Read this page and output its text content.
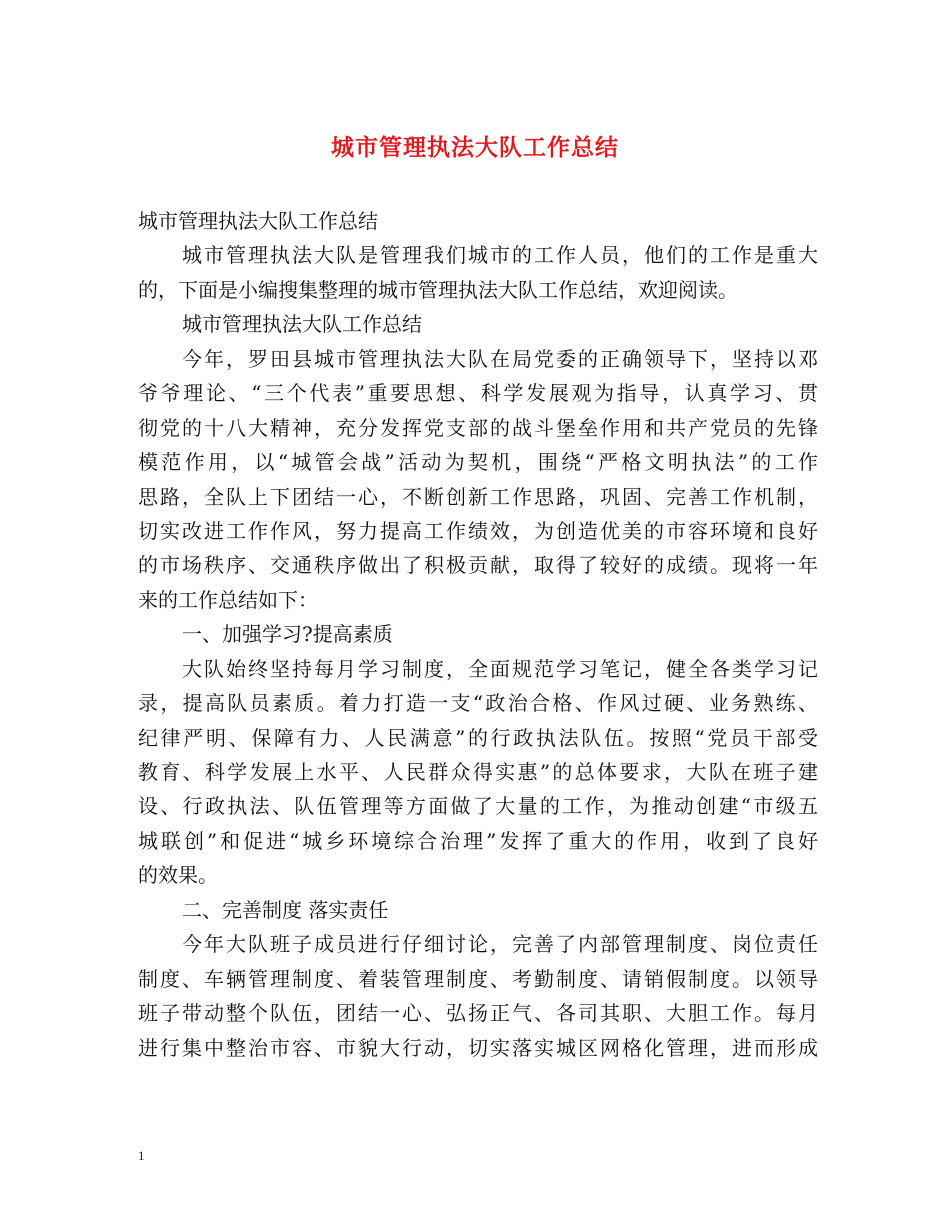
城市管理执法大队工作总结
城市管理执法大队工作总结
城市管理执法大队是管理我们城市的工作人员，他们的工作是重大
的，下面是小编搜集整理的城市管理执法大队工作总结，欢迎阅读。
城市管理执法大队工作总结
今年，罗田县城市管理执法大队在局党委的正确领导下，坚持以邓
爷爷理论、“三个代表”重要思想、科学发展观为指导，认真学习、贯
彻党的十八大精神，充分发挥党支部的战斗堡垒作用和共产党员的先锋
模范作用，以“城管会战”活动为契机，围绕“严格文明执法”的工作
思路，全队上下团结一心，不断创新工作思路，巩固、完善工作机制，
切实改进工作作风，努力提高工作绩效，为创造优美的市容环境和良好
的市场秩序、交通秩序做出了积极贡献，取得了较好的成绩。现将一年
来的工作总结如下：
一、加强学习?提高素质
大队始终坚持每月学习制度，全面规范学习笔记，健全各类学习记
录，提高队员素质。着力打造一支“政治合格、作风过硬、业务熟练、
纪律严明、保障有力、人民满意”的行政执法队伍。按照“党员干部受
教育、科学发展上水平、人民群众得实惠”的总体要求，大队在班子建
设、行政执法、队伍管理等方面做了大量的工作，为推动创建“市级五
城联创”和促进“城乡环境综合治理”发挥了重大的作用，收到了良好
的效果。
二、完善制度 落实责任
今年大队班子成员进行仔细讨论，完善了内部管理制度、岗位责任
制度、车辆管理制度、着装管理制度、考勤制度、请销假制度。以领导
班子带动整个队伍，团结一心、弘扬正气、各司其职、大胆工作。每月
进行集中整治市容、市貌大行动，切实落实城区网格化管理，进而形成
1
